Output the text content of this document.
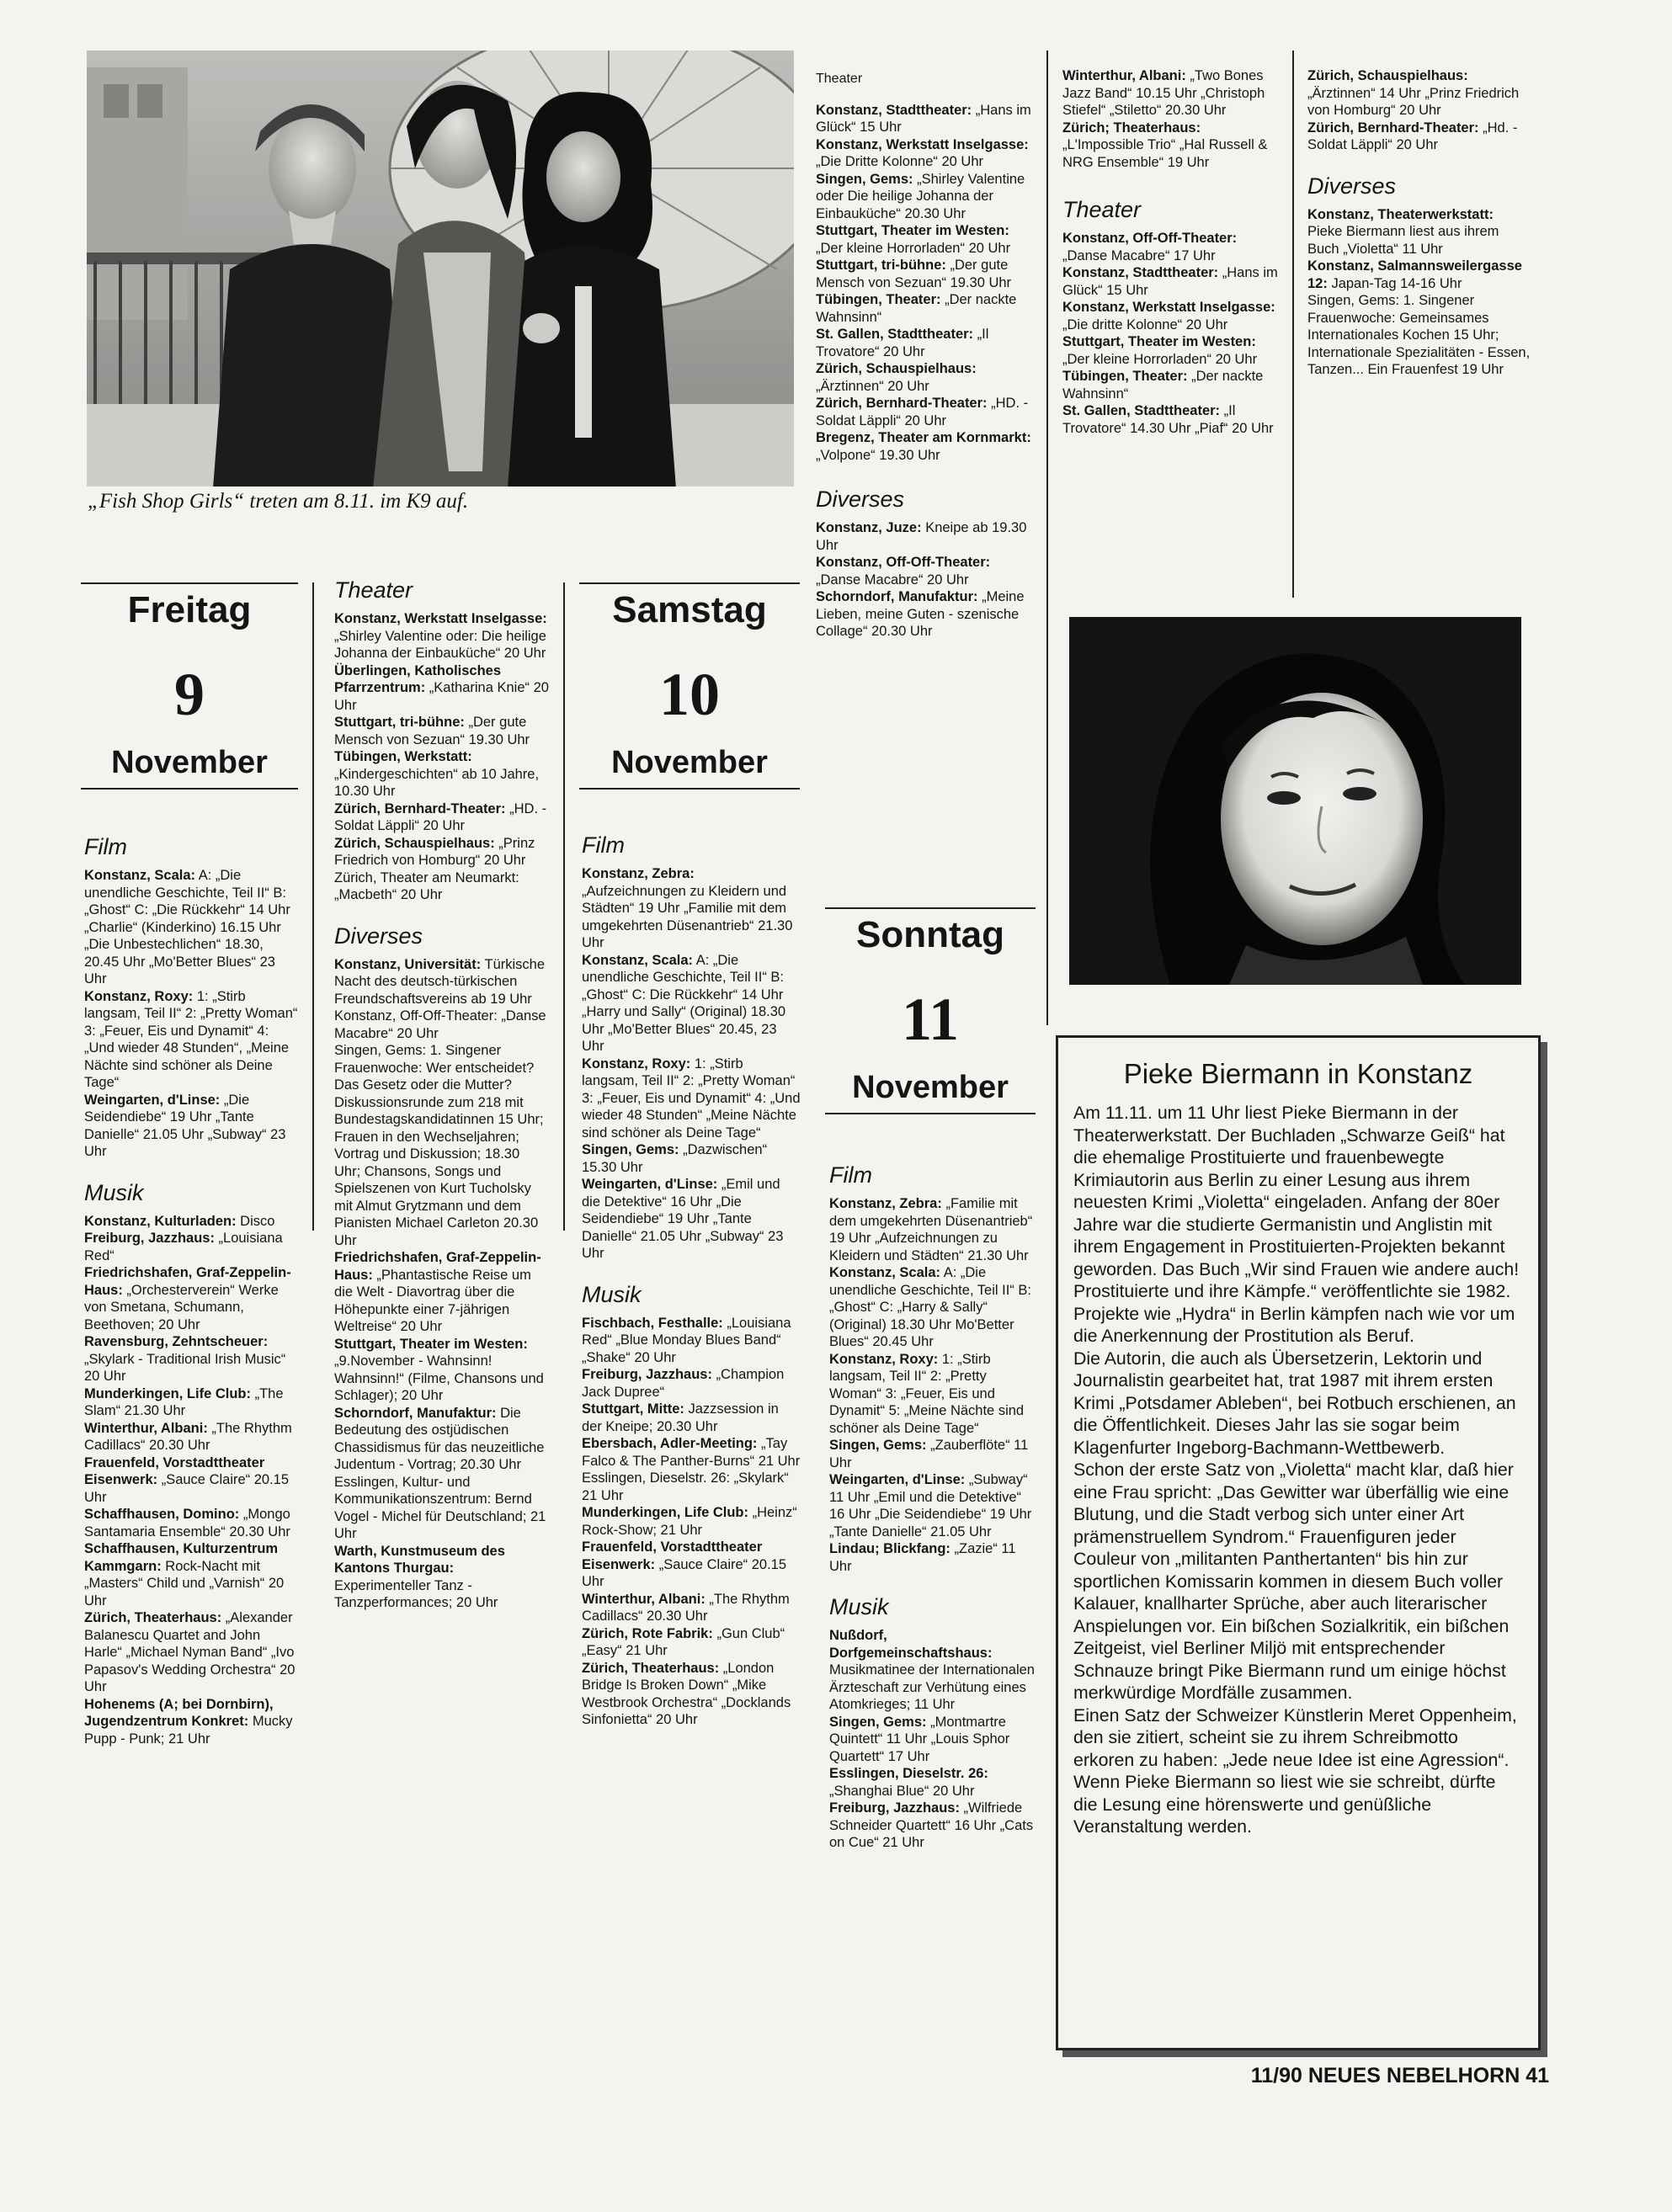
„Fish Shop Girls“ treten am 8.11. im K9 auf.
Freitag
9
November
Film

Konstanz, Scala: A: „Die unendliche Geschichte, Teil II“ B: „Ghost“ C: „Die Rückkehr“ 14 Uhr „Charlie“ (Kinderkino) 16.15 Uhr „Die Unbestechlichen“ 18.30, 20.45 Uhr „Mo'Better Blues“ 23 Uhr

Konstanz, Roxy: 1: „Stirb langsam, Teil II“ 2: „Pretty Woman“ 3: „Feuer, Eis und Dynamit“ 4: „Und wieder 48 Stunden“, „Meine Nächte sind schöner als Deine Tage“

Weingarten, d'Linse: „Die Seidendiebe“ 19 Uhr „Tante Danielle“ 21.05 Uhr „Subway“ 23 Uhr

Musik

Konstanz, Kulturladen: Disco

Freiburg, Jazzhaus: „Louisiana Red“

Friedrichshafen, Graf-Zeppelin-Haus: „Orchesterverein“ Werke von Smetana, Schumann, Beethoven; 20 Uhr

Ravensburg, Zehntscheuer: „Skylark - Traditional Irish Music“ 20 Uhr

Munderkingen, Life Club: „The Slam“ 21.30 Uhr

Winterthur, Albani: „The Rhythm Cadillacs“ 20.30 Uhr

Frauenfeld, Vorstadttheater Eisenwerk: „Sauce Claire“ 20.15 Uhr

Schaffhausen, Domino: „Mongo Santamaria Ensemble“ 20.30 Uhr

Schaffhausen, Kulturzentrum Kammgarn: Rock-Nacht mit „Masters“ Child und „Varnish“ 20 Uhr

Zürich, Theaterhaus: „Alexander Balanescu Quartet and John Harle“ „Michael Nyman Band“ „Ivo Papasov's Wedding Orchestra“ 20 Uhr

Hohenems (A; bei Dornbirn), Jugendzentrum Konkret: Mucky Pupp - Punk; 21 Uhr

Theater

Konstanz, Werkstatt Inselgasse: „Shirley Valentine oder: Die heilige Johanna der Einbauküche“ 20 Uhr

Überlingen, Katholisches Pfarrzentrum: „Katharina Knie“ 20 Uhr

Stuttgart, tri-bühne: „Der gute Mensch von Sezuan“ 19.30 Uhr

Tübingen, Werkstatt: „Kindergeschichten“ ab 10 Jahre, 10.30 Uhr

Zürich, Bernhard-Theater: „HD. - Soldat Läppli“ 20 Uhr

Zürich, Schauspielhaus: „Prinz Friedrich von Homburg“ 20 Uhr

Zürich, Theater am Neumarkt: „Macbeth“ 20 Uhr

Diverses

Konstanz, Universität: Türkische Nacht des deutsch-türkischen Freundschaftsvereins ab 19 Uhr

Konstanz, Off-Off-Theater: „Danse Macabre“ 20 Uhr

Singen, Gems: 1. Singener Frauenwoche: Wer entscheidet? Das Gesetz oder die Mutter? Diskussionsrunde zum 218 mit Bundestagskandidatinnen 15 Uhr; Frauen in den Wechseljahren; Vortrag und Diskussion; 18.30 Uhr; Chansons, Songs und Spielszenen von Kurt Tucholsky mit Almut Grytzmann und dem Pianisten Michael Carleton 20.30 Uhr

Friedrichshafen, Graf-Zeppelin-Haus: „Phantastische Reise um die Welt - Diavortrag über die Höhepunkte einer 7-jährigen Weltreise“ 20 Uhr

Stuttgart, Theater im Westen: „9.November - Wahnsinn! Wahnsinn!“ (Filme, Chansons und Schlager); 20 Uhr

Schorndorf, Manufaktur: Die Bedeutung des ostjüdischen Chassidismus für das neuzeitliche Judentum - Vortrag; 20.30 Uhr

Esslingen, Kultur- und Kommunikationszentrum: Bernd Vogel - Michel für Deutschland; 21 Uhr

Warth, Kunstmuseum des Kantons Thurgau: Experimenteller Tanz - Tanzperformances; 20 Uhr

Samstag
10
November
Film

Konstanz, Zebra: „Aufzeichnungen zu Kleidern und Städten“ 19 Uhr „Familie mit dem umgekehrten Düsenantrieb“ 21.30 Uhr

Konstanz, Scala: A: „Die unendliche Geschichte, Teil II“ B: „Ghost“ C: Die Rückkehr“ 14 Uhr „Harry und Sally“ (Original) 18.30 Uhr „Mo'Better Blues“ 20.45, 23 Uhr

Konstanz, Roxy: 1: „Stirb langsam, Teil II“ 2: „Pretty Woman“ 3: „Feuer, Eis und Dynamit“ 4: „Und wieder 48 Stunden“ „Meine Nächte sind schöner als Deine Tage“

Singen, Gems: „Dazwischen“ 15.30 Uhr

Weingarten, d'Linse: „Emil und die Detektive“ 16 Uhr „Die Seidendiebe“ 19 Uhr „Tante Danielle“ 21.05 Uhr „Subway“ 23 Uhr

Musik

Fischbach, Festhalle: „Louisiana Red“ „Blue Monday Blues Band“ „Shake“ 20 Uhr

Freiburg, Jazzhaus: „Champion Jack Dupree“

Stuttgart, Mitte: Jazzsession in der Kneipe; 20.30 Uhr

Ebersbach, Adler-Meeting: „Tay Falco & The Panther-Burns“ 21 Uhr

Esslingen, Dieselstr. 26: „Skylark“ 21 Uhr

Munderkingen, Life Club: „Heinz“ Rock-Show; 21 Uhr

Frauenfeld, Vorstadttheater Eisenwerk: „Sauce Claire“ 20.15 Uhr

Winterthur, Albani: „The Rhythm Cadillacs“ 20.30 Uhr

Zürich, Rote Fabrik: „Gun Club“ „Easy“ 21 Uhr

Zürich, Theaterhaus: „London Bridge Is Broken Down“ „Mike Westbrook Orchestra“ „Docklands Sinfonietta“ 20 Uhr

Theater

Konstanz, Stadttheater: „Hans im Glück“ 15 Uhr

Konstanz, Werkstatt Inselgasse: „Die Dritte Kolonne“ 20 Uhr

Singen, Gems: „Shirley Valentine oder Die heilige Johanna der Einbauküche“ 20.30 Uhr

Stuttgart, Theater im Westen: „Der kleine Horrorladen“ 20 Uhr

Stuttgart, tri-bühne: „Der gute Mensch von Sezuan“ 19.30 Uhr

Tübingen, Theater: „Der nackte Wahnsinn“

St. Gallen, Stadttheater: „Il Trovatore“ 20 Uhr

Zürich, Schauspielhaus: „Ärztinnen“ 20 Uhr

Zürich, Bernhard-Theater: „HD. - Soldat Läppli“ 20 Uhr

Bregenz, Theater am Kornmarkt: „Volpone“ 19.30 Uhr

Diverses

Konstanz, Juze: Kneipe ab 19.30 Uhr

Konstanz, Off-Off-Theater: „Danse Macabre“ 20 Uhr

Schorndorf, Manufaktur: „Meine Lieben, meine Guten - szenische Collage“ 20.30 Uhr

Sonntag
11
November
Film

Konstanz, Zebra: „Familie mit dem umgekehrten Düsenantrieb“ 19 Uhr „Aufzeichnungen zu Kleidern und Städten“ 21.30 Uhr

Konstanz, Scala: A: „Die unendliche Geschichte, Teil II“ B: „Ghost“ C: „Harry & Sally“ (Original) 18.30 Uhr Mo'Better Blues“ 20.45 Uhr

Konstanz, Roxy: 1: „Stirb langsam, Teil II“ 2: „Pretty Woman“ 3: „Feuer, Eis und Dynamit“ 5: „Meine Nächte sind schöner als Deine Tage“

Singen, Gems: „Zauberflöte“ 11 Uhr

Weingarten, d'Linse: „Subway“ 11 Uhr „Emil und die Detektive“ 16 Uhr „Die Seidendiebe“ 19 Uhr „Tante Danielle“ 21.05 Uhr

Lindau; Blickfang: „Zazie“ 11 Uhr

Musik

Nußdorf, Dorfgemeinschaftshaus: Musikmatinee der Internationalen Ärzteschaft zur Verhütung eines Atomkrieges; 11 Uhr

Singen, Gems: „Montmartre Quintett“ 11 Uhr „Louis Sphor Quartett“ 17 Uhr

Esslingen, Dieselstr. 26: „Shanghai Blue“ 20 Uhr

Freiburg, Jazzhaus: „Wilfriede Schneider Quartett“ 16 Uhr „Cats on Cue“ 21 Uhr

Winterthur, Albani: „Two Bones Jazz Band“ 10.15 Uhr „Christoph Stiefel“ „Stiletto“ 20.30 Uhr

Zürich; Theaterhaus: „L'Impossible Trio“ „Hal Russell & NRG Ensemble“ 19 Uhr

Theater

Konstanz, Off-Off-Theater: „Danse Macabre“ 17 Uhr

Konstanz, Stadttheater: „Hans im Glück“ 15 Uhr

Konstanz, Werkstatt Inselgasse: „Die dritte Kolonne“ 20 Uhr

Stuttgart, Theater im Westen: „Der kleine Horrorladen“ 20 Uhr

Tübingen, Theater: „Der nackte Wahnsinn“

St. Gallen, Stadttheater: „Il Trovatore“ 14.30 Uhr „Piaf“ 20 Uhr

Zürich, Schauspielhaus: „Ärztinnen“ 14 Uhr „Prinz Friedrich von Homburg“ 20 Uhr

Zürich, Bernhard-Theater: „Hd. - Soldat Läppli“ 20 Uhr

Diverses

Konstanz, Theaterwerkstatt: Pieke Biermann liest aus ihrem Buch „Violetta“ 11 Uhr

Konstanz, Salmannsweilergasse 12: Japan-Tag 14-16 Uhr

Singen, Gems: 1. Singener Frauenwoche: Gemeinsames Internationales Kochen 15 Uhr; Internationale Spezialitäten - Essen, Tanzen... Ein Frauenfest 19 Uhr

Pieke Biermann in Konstanz

Am 11.11. um 11 Uhr liest Pieke Biermann in der Theaterwerkstatt. Der Buchladen „Schwarze Geiß“ hat die ehemalige Prostituierte und frauenbewegte Krimiautorin aus Berlin zu einer Lesung aus ihrem neuesten Krimi „Violetta“ eingeladen. Anfang der 80er Jahre war die studierte Germanistin und Anglistin mit ihrem Engagement in Prostituierten-Projekten bekannt geworden. Das Buch „Wir sind Frauen wie andere auch! Prostituierte und ihre Kämpfe.“ veröffentlichte sie 1982. Projekte wie „Hydra“ in Berlin kämpfen nach wie vor um die Anerkennung der Prostitution als Beruf.

Die Autorin, die auch als Übersetzerin, Lektorin und Journalistin gearbeitet hat, trat 1987 mit ihrem ersten Krimi „Potsdamer Ableben“, bei Rotbuch erschienen, an die Öffentlichkeit. Dieses Jahr las sie sogar beim Klagenfurter Ingeborg-Bachmann-Wettbewerb.

Schon der erste Satz von „Violetta“ macht klar, daß hier eine Frau spricht: „Das Gewitter war überfällig wie eine Blutung, und die Stadt verbog sich unter einer Art prämenstruellem Syndrom.“ Frauenfiguren jeder Couleur von „militanten Panthertanten“ bis hin zur sportlichen Komissarin kommen in diesem Buch voller Kalauer, knallharter Sprüche, aber auch literarischer Anspielungen vor. Ein bißchen Sozialkritik, ein bißchen Zeitgeist, viel Berliner Miljö mit entsprechender Schnauze bringt Pike Biermann rund um einige höchst merkwürdige Mordfälle zusammen.

Einen Satz der Schweizer Künstlerin Meret Oppenheim, den sie zitiert, scheint sie zu ihrem Schreibmotto erkoren zu haben: „Jede neue Idee ist eine Agression“.

Wenn Pieke Biermann so liest wie sie schreibt, dürfte die Lesung eine hörenswerte und genüßliche Veranstaltung werden.

11/90 NEUES NEBELHORN 41
